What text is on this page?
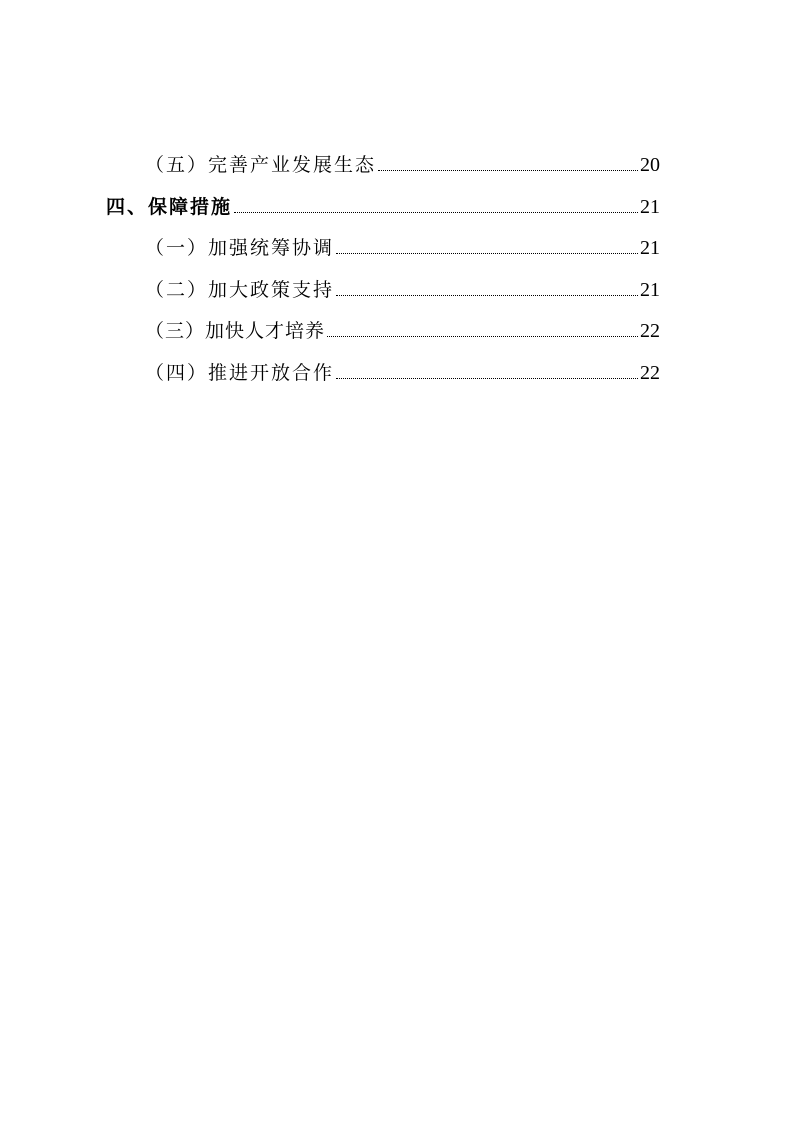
（五）完善产业发展生态	20
四、保障措施	21
（一）加强统筹协调	21
（二）加大政策支持	21
（三）加快人才培养	22
（四）推进开放合作	22
